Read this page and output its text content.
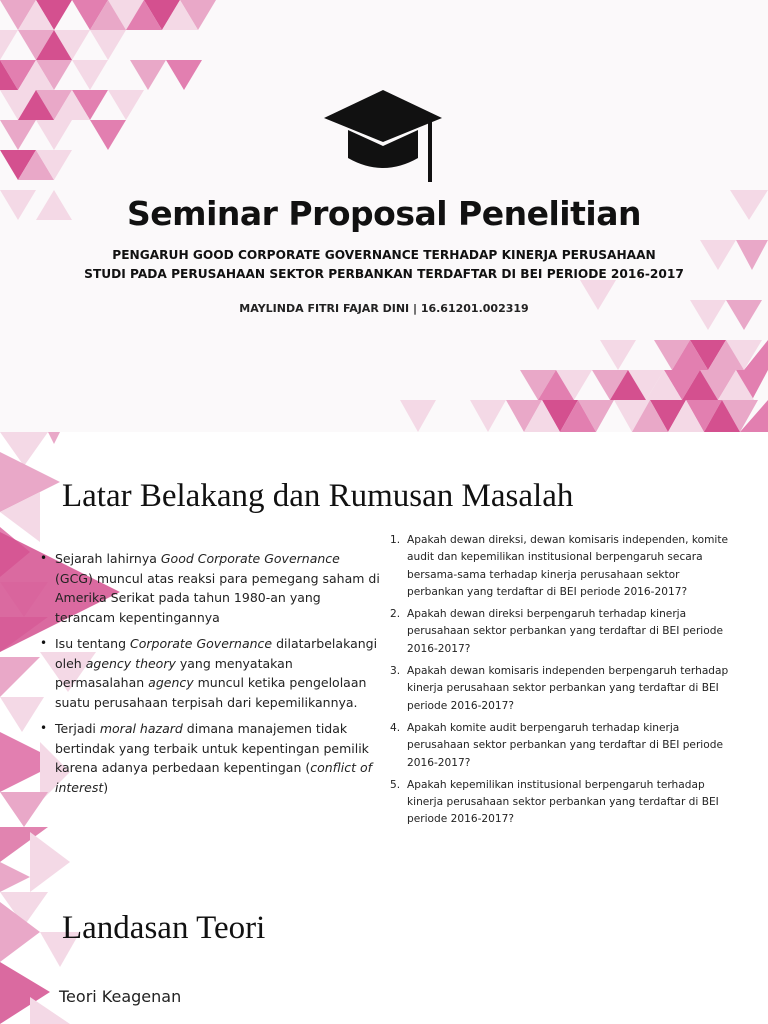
Seminar Proposal Penelitian
PENGARUH GOOD CORPORATE GOVERNANCE TERHADAP KINERJA PERUSAHAAN
STUDI PADA PERUSAHAAN SEKTOR PERBANKAN TERDAFTAR DI BEI PERIODE 2016-2017
MAYLINDA FITRI FAJAR DINI | 16.61201.002319
Latar Belakang dan Rumusan Masalah
• Sejarah lahirnya Good Corporate Governance (GCG) muncul atas reaksi para pemegang saham di Amerika Serikat pada tahun 1980-an yang terancam kepentingannya
• Isu tentang Corporate Governance dilatarbelakangi oleh agency theory yang menyatakan permasalahan agency muncul ketika pengelolaan suatu perusahaan terpisah dari kepemilikannya.
• Terjadi moral hazard dimana manajemen tidak bertindak yang terbaik untuk kepentingan pemilik karena adanya perbedaan kepentingan (conflict of interest)
1. Apakah dewan direksi, dewan komisaris independen, komite audit dan kepemilikan institusional berpengaruh secara bersama-sama terhadap kinerja perusahaan sektor perbankan yang terdaftar di BEI periode 2016-2017?
2. Apakah dewan direksi berpengaruh terhadap kinerja perusahaan sektor perbankan yang terdaftar di BEI periode 2016-2017?
3. Apakah dewan komisaris independen berpengaruh terhadap kinerja perusahaan sektor perbankan yang terdaftar di BEI periode 2016-2017?
4. Apakah komite audit berpengaruh terhadap kinerja perusahaan sektor perbankan yang terdaftar di BEI periode 2016-2017?
5. Apakah kepemilikan institusional berpengaruh terhadap kinerja perusahaan sektor perbankan yang terdaftar di BEI periode 2016-2017?
Landasan Teori
Teori Keagenan
